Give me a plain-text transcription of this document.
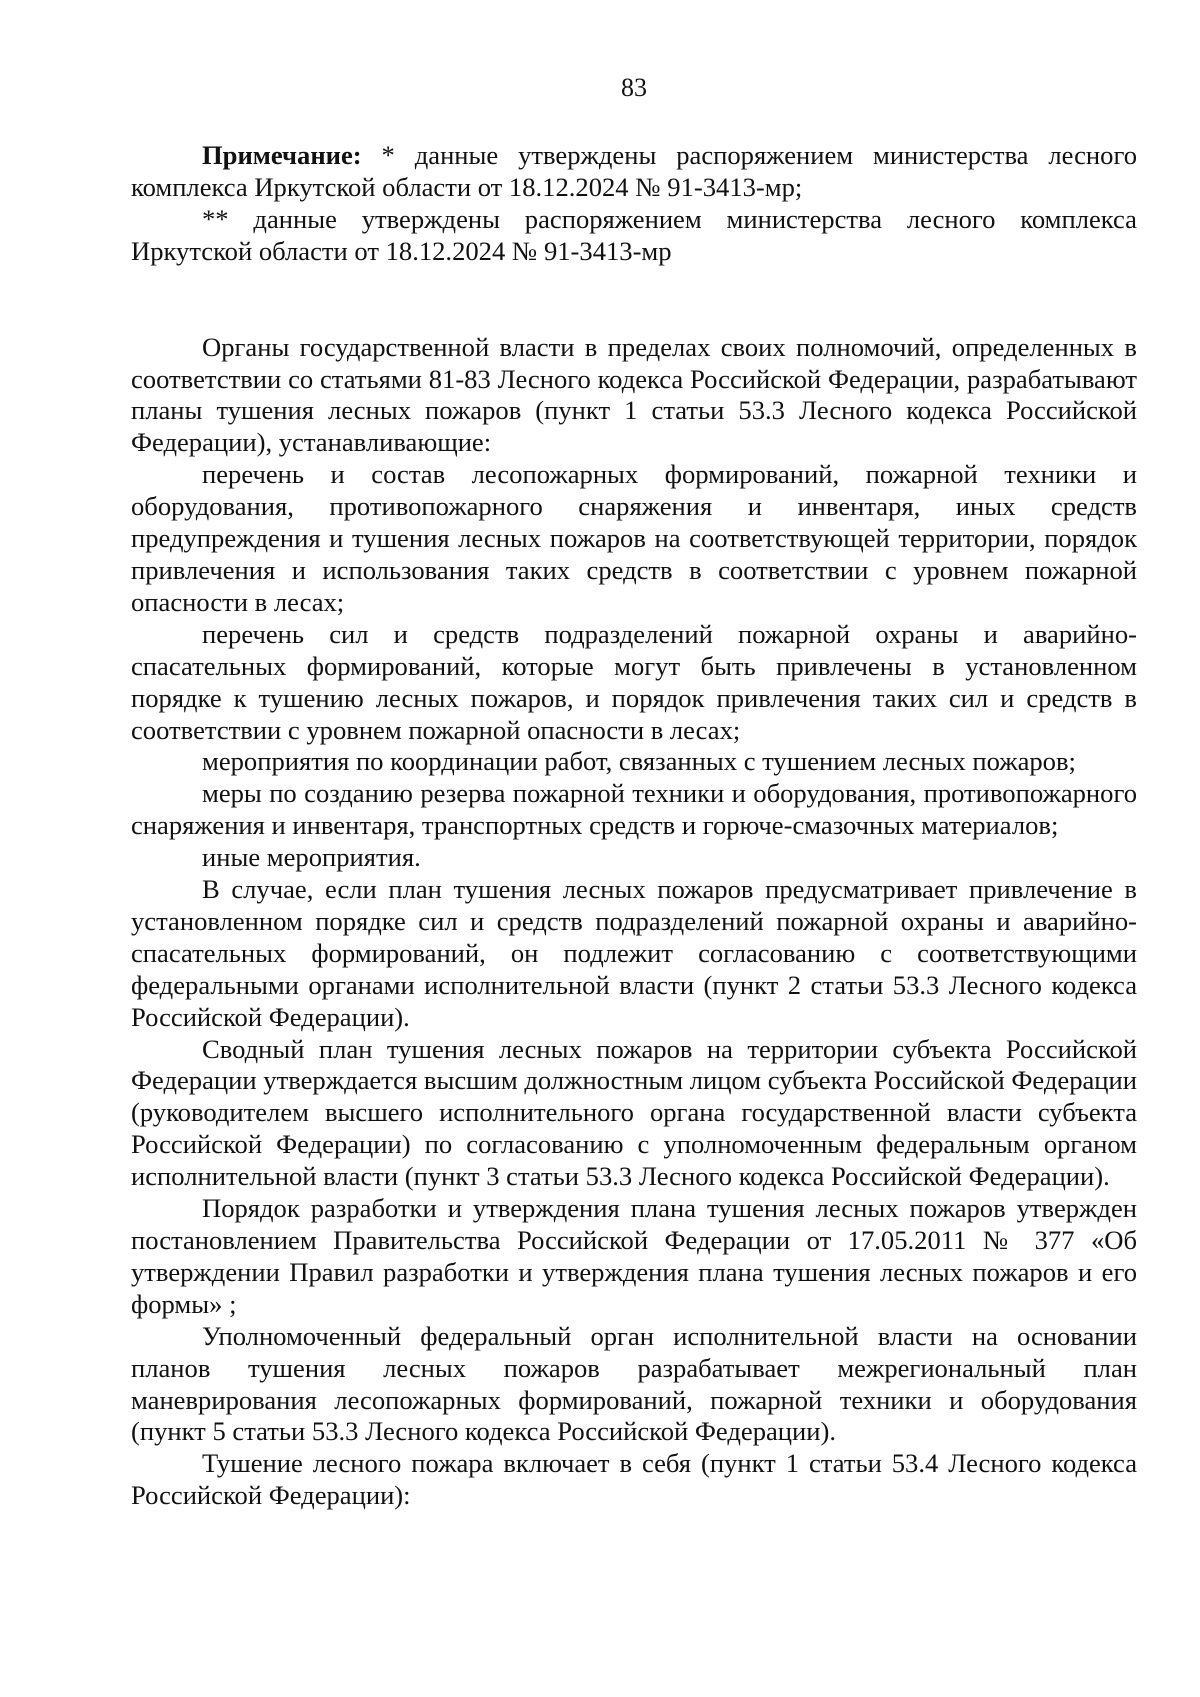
83

Примечание: * данные утверждены распоряжением министерства лесного комплекса Иркутской области от 18.12.2024 № 91-3413-мр;

** данные утверждены распоряжением министерства лесного комплекса Иркутской области от 18.12.2024 № 91-3413-мр

Органы государственной власти в пределах своих полномочий, определенных в соответствии со статьями 81-83 Лесного кодекса Российской Федерации, разрабатывают планы тушения лесных пожаров (пункт 1 статьи 53.3 Лесного кодекса Российской Федерации), устанавливающие:

перечень и состав лесопожарных формирований, пожарной техники и оборудования, противопожарного снаряжения и инвентаря, иных средств предупреждения и тушения лесных пожаров на соответствующей территории, порядок привлечения и использования таких средств в соответствии с уровнем пожарной опасности в лесах;

перечень сил и средств подразделений пожарной охраны и аварийно-спасательных формирований, которые могут быть привлечены в установленном порядке к тушению лесных пожаров, и порядок привлечения таких сил и средств в соответствии с уровнем пожарной опасности в лесах;

мероприятия по координации работ, связанных с тушением лесных пожаров;

меры по созданию резерва пожарной техники и оборудования, противопожарного снаряжения и инвентаря, транспортных средств и горюче-смазочных материалов;

иные мероприятия.

В случае, если план тушения лесных пожаров предусматривает привлечение в установленном порядке сил и средств подразделений пожарной охраны и аварийно-спасательных формирований, он подлежит согласованию с соответствующими федеральными органами исполнительной власти (пункт 2 статьи 53.3 Лесного кодекса Российской Федерации).

Сводный план тушения лесных пожаров на территории субъекта Российской Федерации утверждается высшим должностным лицом субъекта Российской Федерации (руководителем высшего исполнительного органа государственной власти субъекта Российской Федерации) по согласованию с уполномоченным федеральным органом исполнительной власти (пункт 3 статьи 53.3 Лесного кодекса Российской Федерации).

Порядок разработки и утверждения плана тушения лесных пожаров утвержден постановлением Правительства Российской Федерации от 17.05.2011 № 377 «Об утверждении Правил разработки и утверждения плана тушения лесных пожаров и его формы» ;

Уполномоченный федеральный орган исполнительной власти на основании планов тушения лесных пожаров разрабатывает межрегиональный план маневрирования лесопожарных формирований, пожарной техники и оборудования (пункт 5 статьи 53.3 Лесного кодекса Российской Федерации).

Тушение лесного пожара включает в себя (пункт 1 статьи 53.4 Лесного кодекса Российской Федерации):
